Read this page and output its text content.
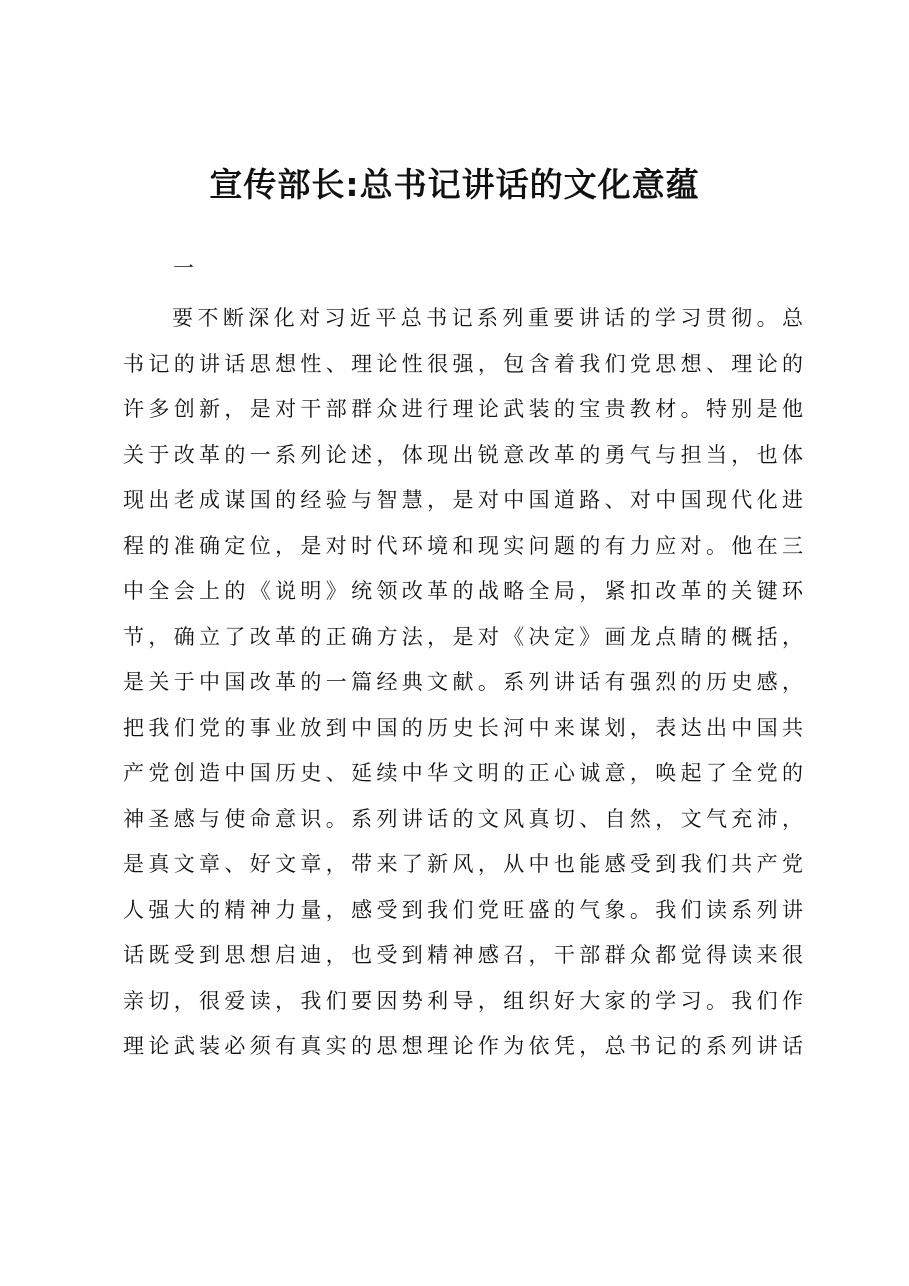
宣传部长:总书记讲话的文化意蕴

一

要不断深化对习近平总书记系列重要讲话的学习贯彻。总
书记的讲话思想性、理论性很强，包含着我们党思想、理论的
许多创新，是对干部群众进行理论武装的宝贵教材。特别是他
关于改革的一系列论述，体现出锐意改革的勇气与担当，也体
现出老成谋国的经验与智慧，是对中国道路、对中国现代化进
程的准确定位，是对时代环境和现实问题的有力应对。他在三
中全会上的《说明》统领改革的战略全局，紧扣改革的关键环
节，确立了改革的正确方法，是对《决定》画龙点睛的概括，
是关于中国改革的一篇经典文献。系列讲话有强烈的历史感，
把我们党的事业放到中国的历史长河中来谋划，表达出中国共
产党创造中国历史、延续中华文明的正心诚意，唤起了全党的
神圣感与使命意识。系列讲话的文风真切、自然，文气充沛，
是真文章、好文章，带来了新风，从中也能感受到我们共产党
人强大的精神力量，感受到我们党旺盛的气象。我们读系列讲
话既受到思想启迪，也受到精神感召，干部群众都觉得读来很
亲切，很爱读，我们要因势利导，组织好大家的学习。我们作
理论武装必须有真实的思想理论作为依凭，总书记的系列讲话
